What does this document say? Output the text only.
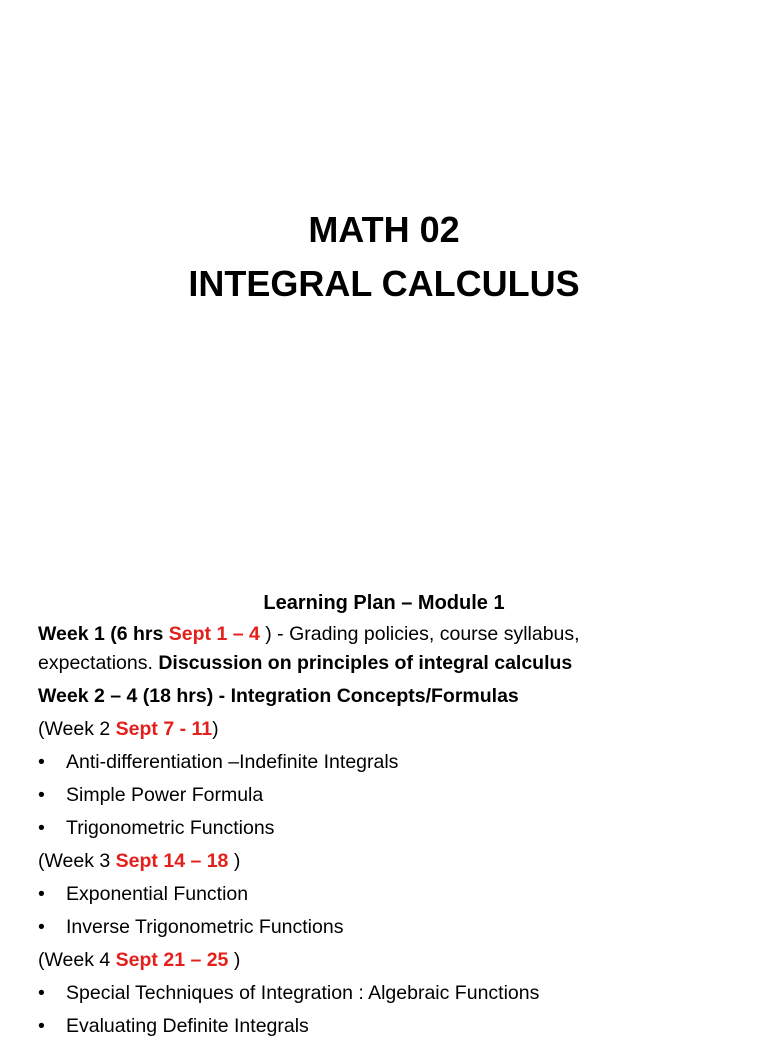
MATH 02
INTEGRAL CALCULUS
Learning Plan – Module 1
Week 1 (6 hrs Sept 1 – 4 ) - Grading policies, course syllabus,
expectations. Discussion on principles of integral calculus
Week 2 – 4 (18 hrs) - Integration Concepts/Formulas
(Week 2 Sept 7 - 11)
•	Anti-differentiation –Indefinite Integrals
•	Simple Power Formula
•	Trigonometric Functions
(Week 3 Sept 14 – 18 )
•	Exponential Function
•	Inverse Trigonometric Functions
(Week 4 Sept 21 – 25 )
•	Special Techniques of Integration : Algebraic Functions
•	Evaluating Definite Integrals
